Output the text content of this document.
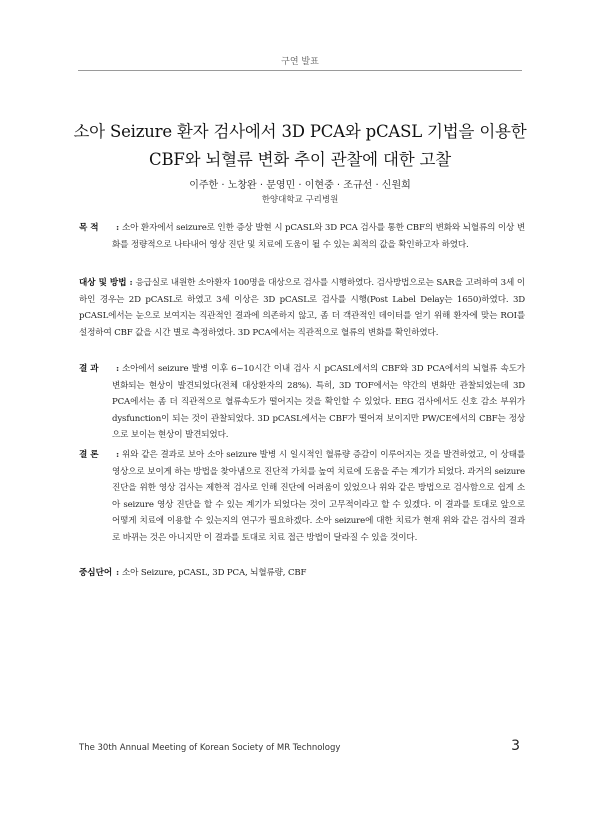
구연 발표
소아 Seizure 환자 검사에서 3D PCA와 pCASL 기법을 이용한
CBF와 뇌혈류 변화 추이 관찰에 대한 고찰
이주한 · 노창완 · 문영민 · 이현중 · 조규선 · 신원희
한양대학교 구리병원
목 적	: 소아 환자에서 seizure로 인한 증상 발현 시 pCASL와 3D PCA 검사를 통한 CBF의 변화와 뇌혈류의 이상 변화를 정량적으로 나타내어 영상 진단 및 치료에 도움이 될 수 있는 최적의 값을 확인하고자 하였다.
대상 및 방법 : 응급실로 내원한 소아환자 100명을 대상으로 검사를 시행하였다. 검사방법으로는 SAR을 고려하여 3세 이하인 경우는 2D pCASL로 하였고 3세 이상은 3D pCASL로 검사를 시행(Post Label Delay는 1650)하였다. 3D pCASL에서는 눈으로 보여지는 직관적인 결과에 의존하지 않고, 좀 더 객관적인 데이터를 얻기 위해 환자에 맞는 ROI를 설정하여 CBF 값을 시간 별로 측정하였다. 3D PCA에서는 직관적으로 혈류의 변화를 확인하였다.
결 과	: 소아에서 seizure 발병 이후 6~10시간 이내 검사 시 pCASL에서의 CBF와 3D PCA에서의 뇌혈류 속도가 변화되는 현상이 발견되었다(전체 대상환자의 28%). 특히, 3D TOF에서는 약간의 변화만 관찰되었는데 3D PCA에서는 좀 더 직관적으로 혈류속도가 떨어지는 것을 확인할 수 있었다. EEG 검사에서도 신호 감소 부위가 dysfunction이 되는 것이 관찰되었다. 3D pCASL에서는 CBF가 떨어져 보이지만 PW/CE에서의 CBF는 정상으로 보이는 현상이 발견되었다.
결 론	: 위와 같은 결과로 보아 소아 seizure 발병 시 일시적인 혈류량 증감이 이루어지는 것을 발견하였고, 이 상태를 영상으로 보이게 하는 방법을 찾아냄으로 진단적 가치를 높여 치료에 도움을 주는 계기가 되었다. 과거의 seizure 진단을 위한 영상 검사는 제한적 검사로 인해 진단에 어려움이 있었으나 위와 같은 방법으로 검사함으로 쉽게 소아 seizure 영상 진단을 할 수 있는 계기가 되었다는 것이 고무적이라고 할 수 있겠다. 이 결과를 토대로 앞으로 어떻게 치료에 이용할 수 있는지의 연구가 필요하겠다. 소아 seizure에 대한 치료가 현재 위와 같은 검사의 결과로 바뀌는 것은 아니지만 이 결과를 토대로 치료 접근 방법이 달라질 수 있을 것이다.
중심단어 : 소아 Seizure, pCASL, 3D PCA, 뇌혈류량, CBF
The 30th Annual Meeting of Korean Society of MR Technology	3
